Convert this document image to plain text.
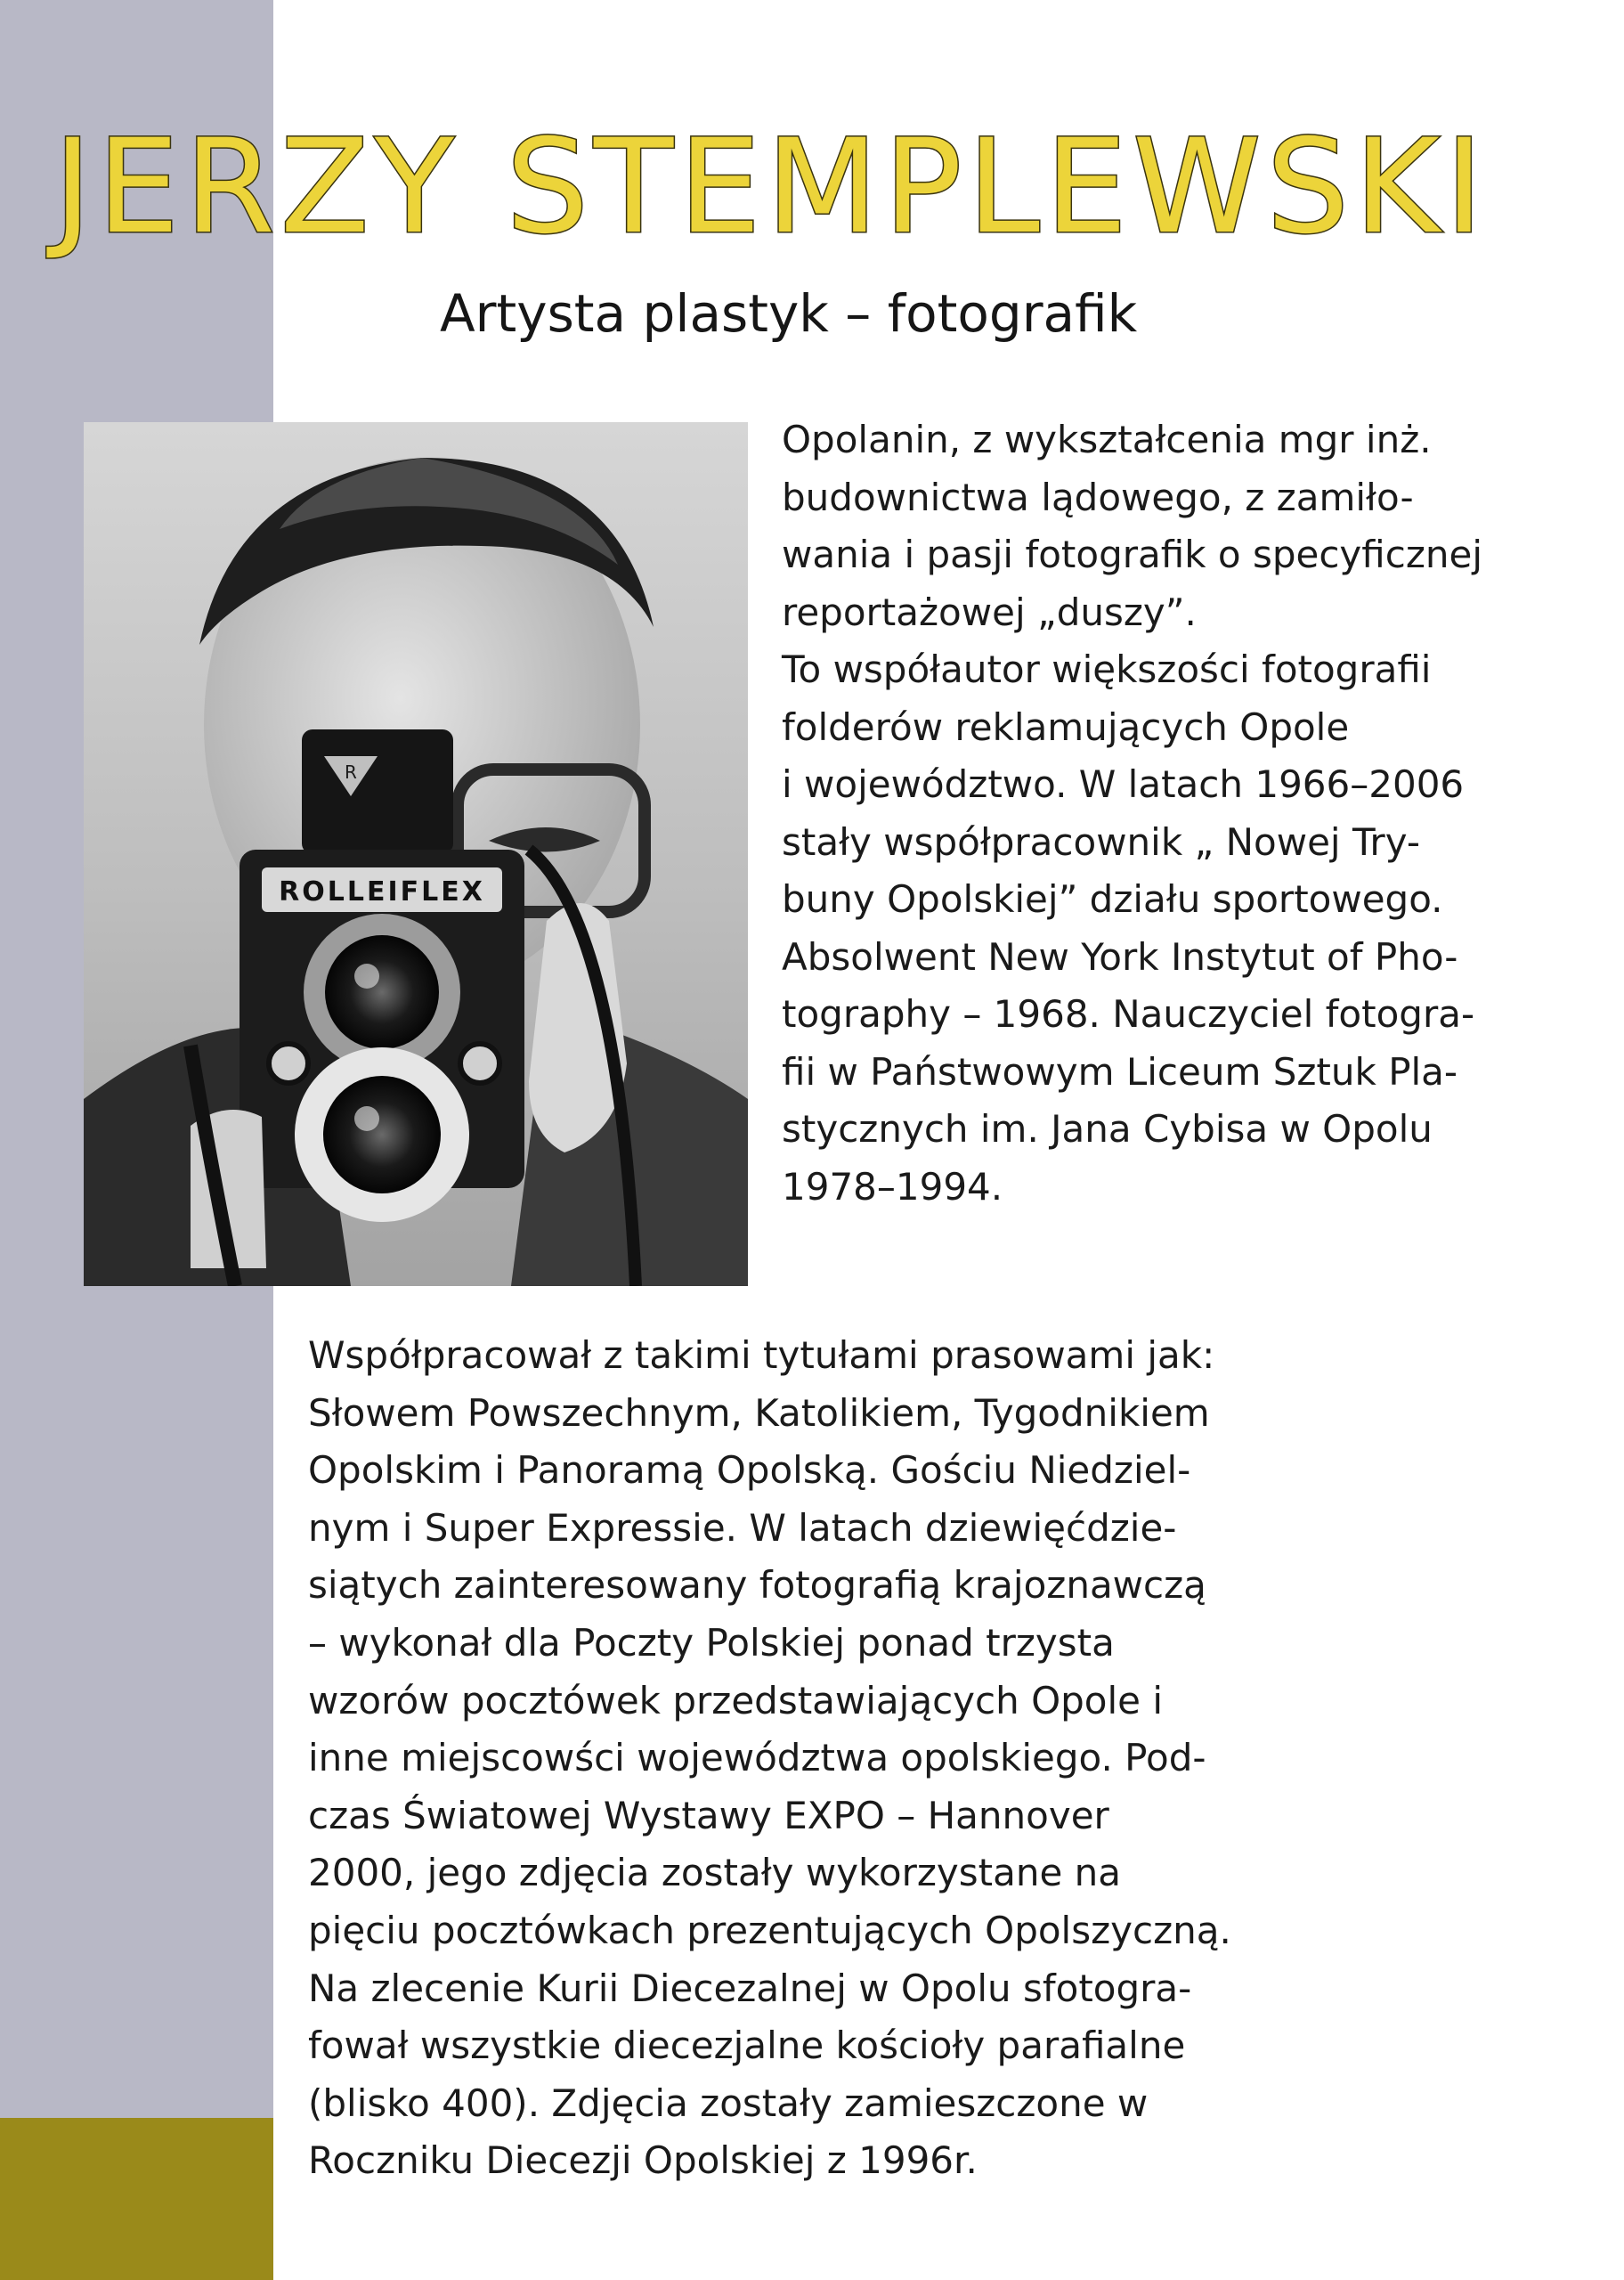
JERZY STEMPLEWSKI
Artysta plastyk – fotografik
R
ROLLEIFLEX
Opolanin, z wykształcenia mgr inż.
budownictwa lądowego, z zamiło-
wania i pasji fotografik o specyficznej
reportażowej „duszy”.
To współautor większości fotografii
folderów reklamujących Opole
i województwo. W latach 1966–2006
stały współpracownik „ Nowej Try-
buny Opolskiej” działu sportowego.
Absolwent New York Instytut of Pho-
tography – 1968. Nauczyciel fotogra-
fii w Państwowym Liceum Sztuk Pla-
stycznych im. Jana Cybisa w Opolu
1978–1994.
Współpracował z takimi tytułami prasowami jak:
Słowem Powszechnym, Katolikiem, Tygodnikiem
Opolskim i Panoramą Opolską. Gościu Niedziel-
nym i Super Expressie. W latach dziewięćdzie-
siątych zainteresowany fotografią krajoznawczą
– wykonał dla Poczty Polskiej ponad trzysta
wzorów pocztówek przedstawiających Opole i
inne miejscowści województwa opolskiego. Pod-
czas Światowej Wystawy EXPO – Hannover
2000, jego zdjęcia zostały wykorzystane na
pięciu pocztówkach prezentujących Opolszyczną.
Na zlecenie Kurii Diecezalnej w Opolu sfotogra-
fował wszystkie diecezjalne kościoły parafialne
(blisko 400). Zdjęcia zostały zamieszczone w
Roczniku Diecezji Opolskiej z 1996r.
